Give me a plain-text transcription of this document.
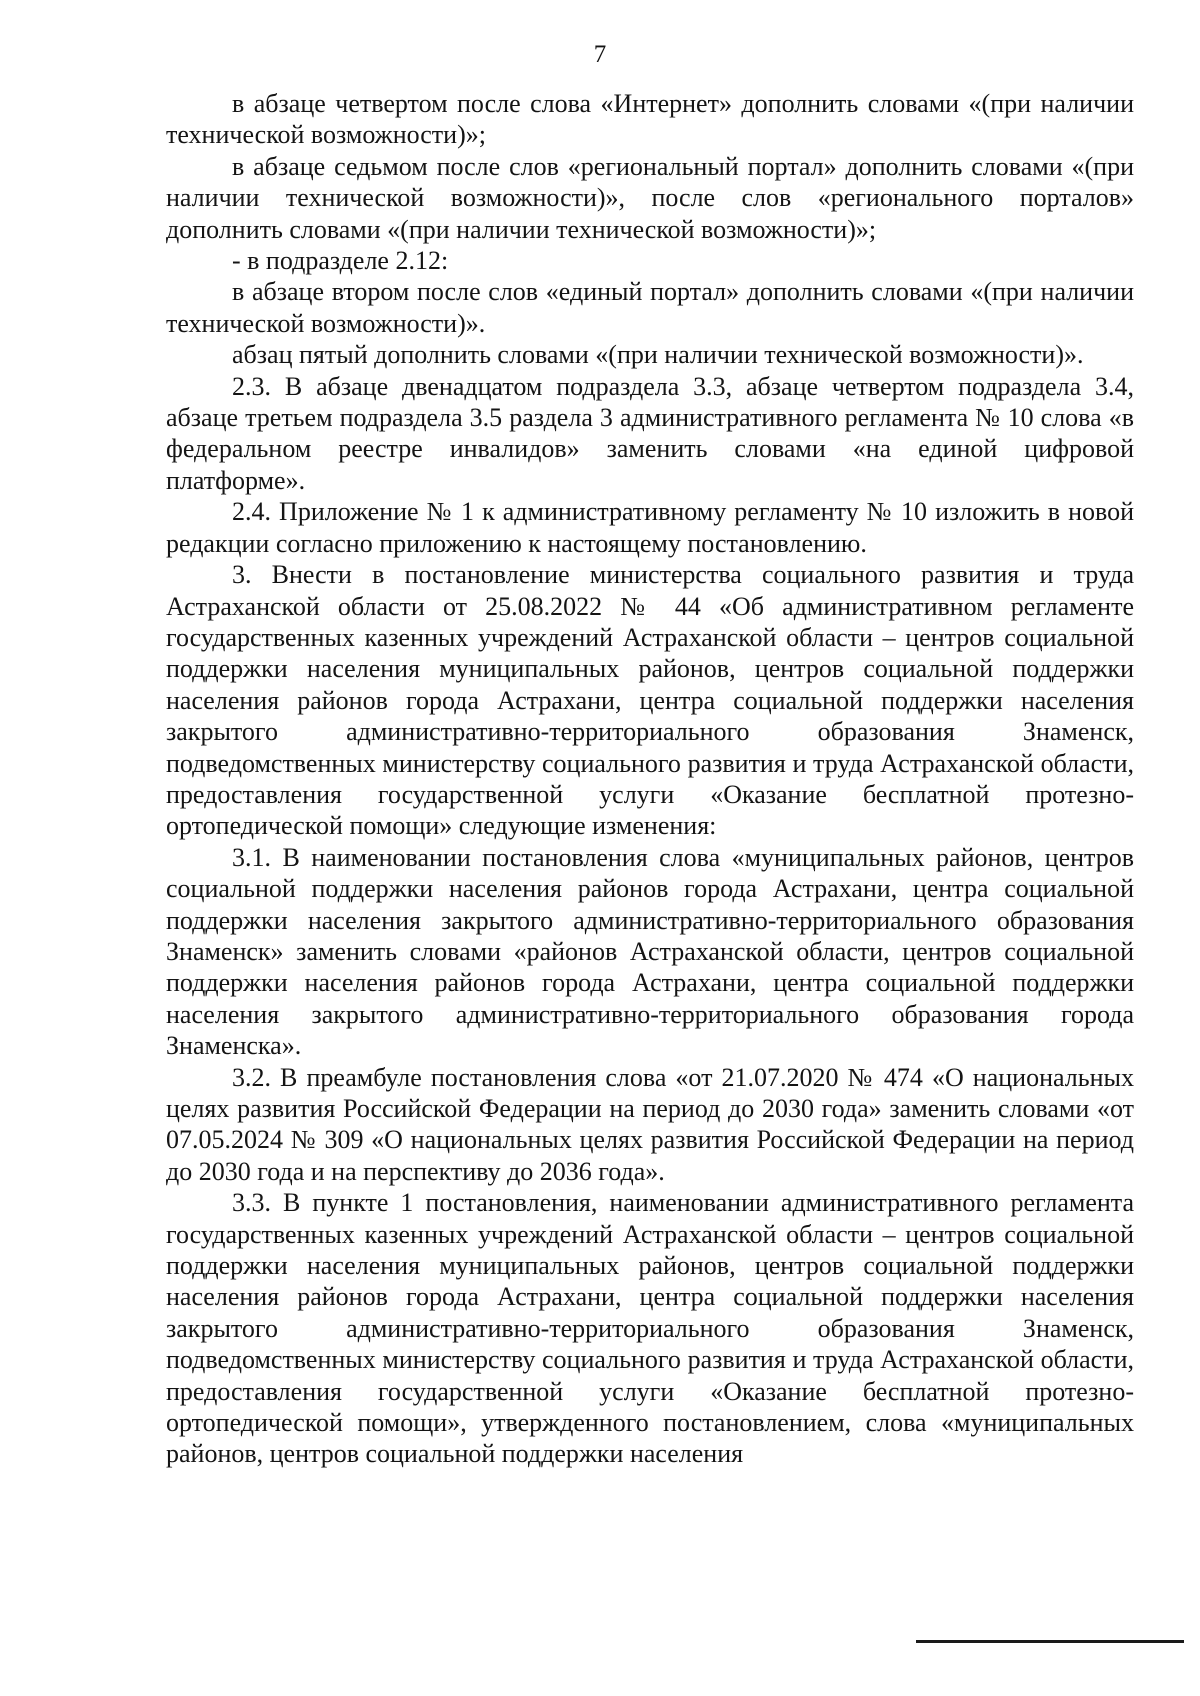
7

в абзаце четвертом после слова «Интернет» дополнить словами «(при наличии технической возможности)»;

в абзаце седьмом после слов «региональный портал» дополнить словами «(при наличии технической возможности)», после слов «регионального порталов» дополнить словами «(при наличии технической возможности)»;

- в подразделе 2.12:

в абзаце втором после слов «единый портал» дополнить словами «(при наличии технической возможности)».

абзац пятый дополнить словами «(при наличии технической возможности)».

2.3. В абзаце двенадцатом подраздела 3.3, абзаце четвертом подраздела 3.4, абзаце третьем подраздела 3.5 раздела 3 административного регламента № 10 слова «в федеральном реестре инвалидов» заменить словами «на единой цифровой платформе».

2.4. Приложение № 1 к административному регламенту № 10 изложить в новой редакции согласно приложению к настоящему постановлению.

3. Внести в постановление министерства социального развития и труда Астраханской области от 25.08.2022 № 44 «Об административном регламенте государственных казенных учреждений Астраханской области – центров социальной поддержки населения муниципальных районов, центров социальной поддержки населения районов города Астрахани, центра социальной поддержки населения закрытого административно-территориального образования Знаменск, подведомственных министерству социального развития и труда Астраханской области, предоставления государственной услуги «Оказание бесплатной протезно-ортопедической помощи» следующие изменения:

3.1. В наименовании постановления слова «муниципальных районов, центров социальной поддержки населения районов города Астрахани, центра социальной поддержки населения закрытого административно-территориального образования Знаменск» заменить словами «районов Астраханской области, центров социальной поддержки населения районов города Астрахани, центра социальной поддержки населения закрытого административно-территориального образования города Знаменска».

3.2. В преамбуле постановления слова «от 21.07.2020 № 474 «О национальных целях развития Российской Федерации на период до 2030 года» заменить словами «от 07.05.2024 № 309 «О национальных целях развития Российской Федерации на период до 2030 года и на перспективу до 2036 года».

3.3. В пункте 1 постановления, наименовании административного регламента государственных казенных учреждений Астраханской области – центров социальной поддержки населения муниципальных районов, центров социальной поддержки населения районов города Астрахани, центра социальной поддержки населения закрытого административно-территориального образования Знаменск, подведомственных министерству социального развития и труда Астраханской области, предоставления государственной услуги «Оказание бесплатной протезно-ортопедической помощи», утвержденного постановлением, слова «муниципальных районов, центров социальной поддержки населения
